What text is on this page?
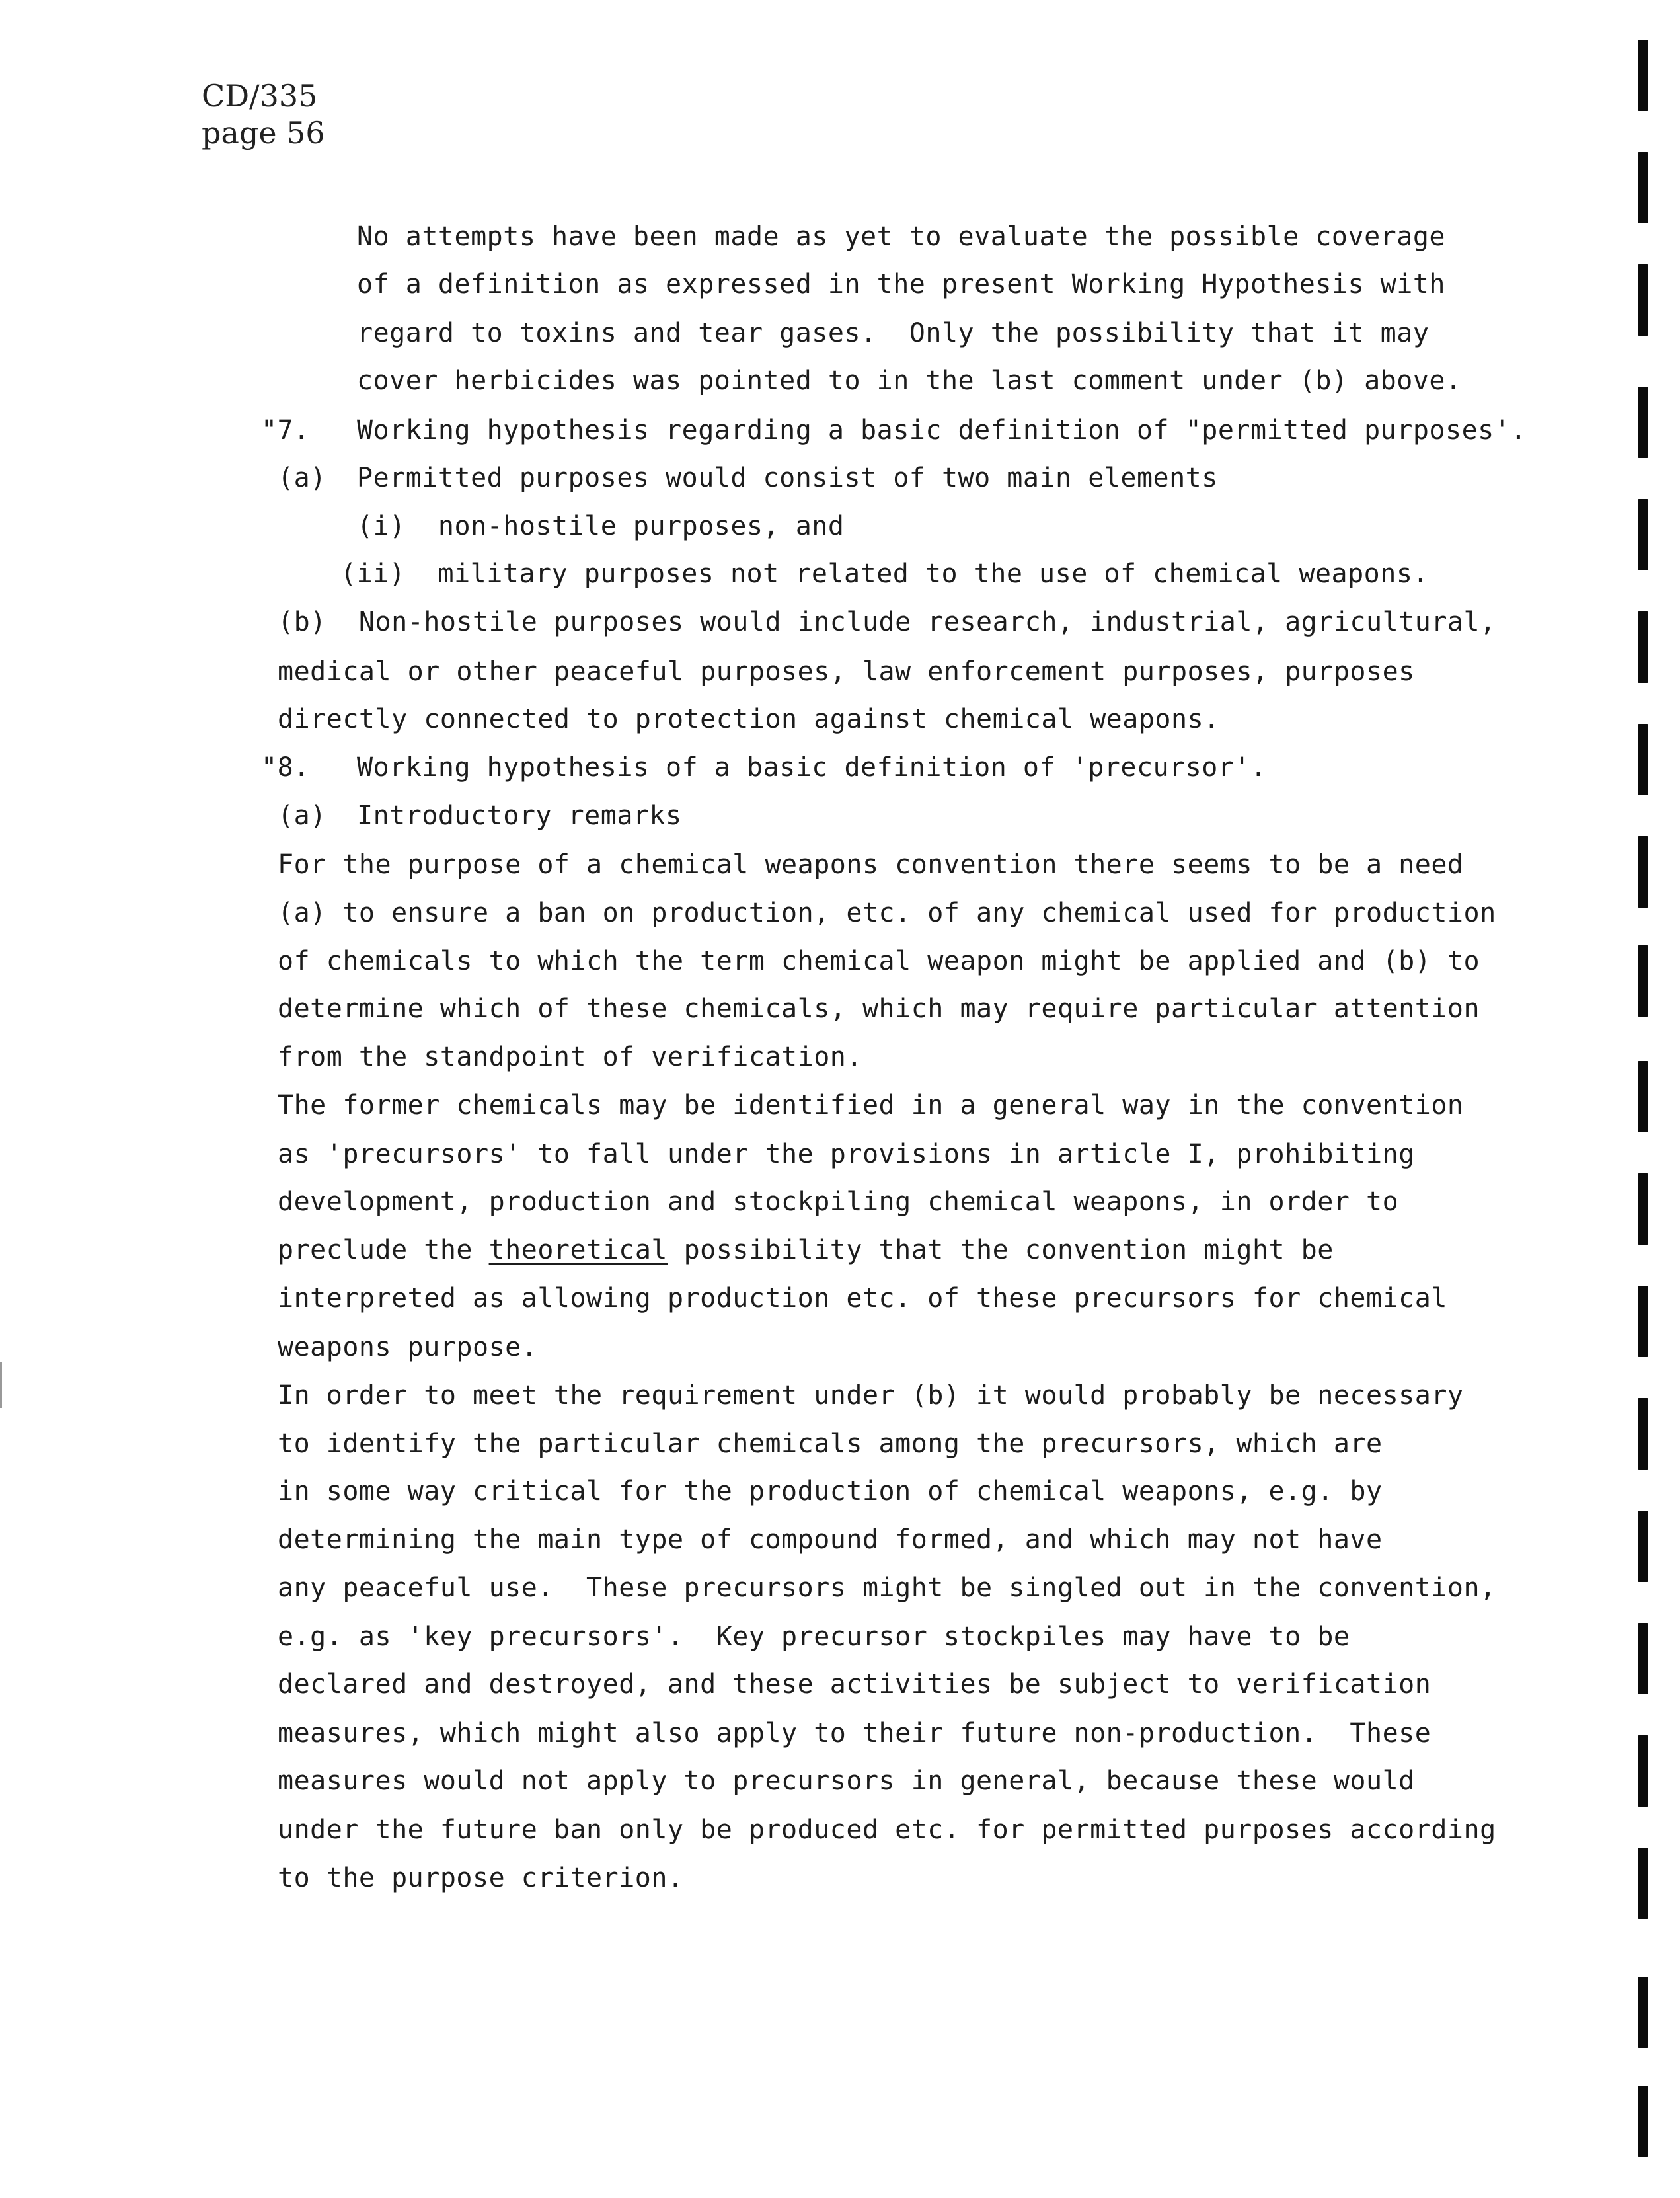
CD/335
page 56
No attempts have been made as yet to evaluate the possible coverage
of a definition as expressed in the present Working Hypothesis with
regard to toxins and tear gases.  Only the possibility that it may
cover herbicides was pointed to in the last comment under (b) above.
"7. Working hypothesis regarding a basic definition of "permitted purposes'.
(a) Permitted purposes would consist of two main elements
(i)  non-hostile purposes, and
(ii)  military purposes not related to the use of chemical weapons.
(b)  Non-hostile purposes would include research, industrial, agricultural,
medical or other peaceful purposes, law enforcement purposes, purposes
directly connected to protection against chemical weapons.
"8. Working hypothesis of a basic definition of 'precursor'.
(a) Introductory remarks
For the purpose of a chemical weapons convention there seems to be a need
(a) to ensure a ban on production, etc. of any chemical used for production
of chemicals to which the term chemical weapon might be applied and (b) to
determine which of these chemicals, which may require particular attention
from the standpoint of verification.
The former chemicals may be identified in a general way in the convention
as 'precursors' to fall under the provisions in article I, prohibiting
development, production and stockpiling chemical weapons, in order to
preclude the theoretical possibility that the convention might be
interpreted as allowing production etc. of these precursors for chemical
weapons purpose.
In order to meet the requirement under (b) it would probably be necessary
to identify the particular chemicals among the precursors, which are
in some way critical for the production of chemical weapons, e.g. by
determining the main type of compound formed, and which may not have
any peaceful use.  These precursors might be singled out in the convention,
e.g. as 'key precursors'.  Key precursor stockpiles may have to be
declared and destroyed, and these activities be subject to verification
measures, which might also apply to their future non-production.  These
measures would not apply to precursors in general, because these would
under the future ban only be produced etc. for permitted purposes according
to the purpose criterion.
